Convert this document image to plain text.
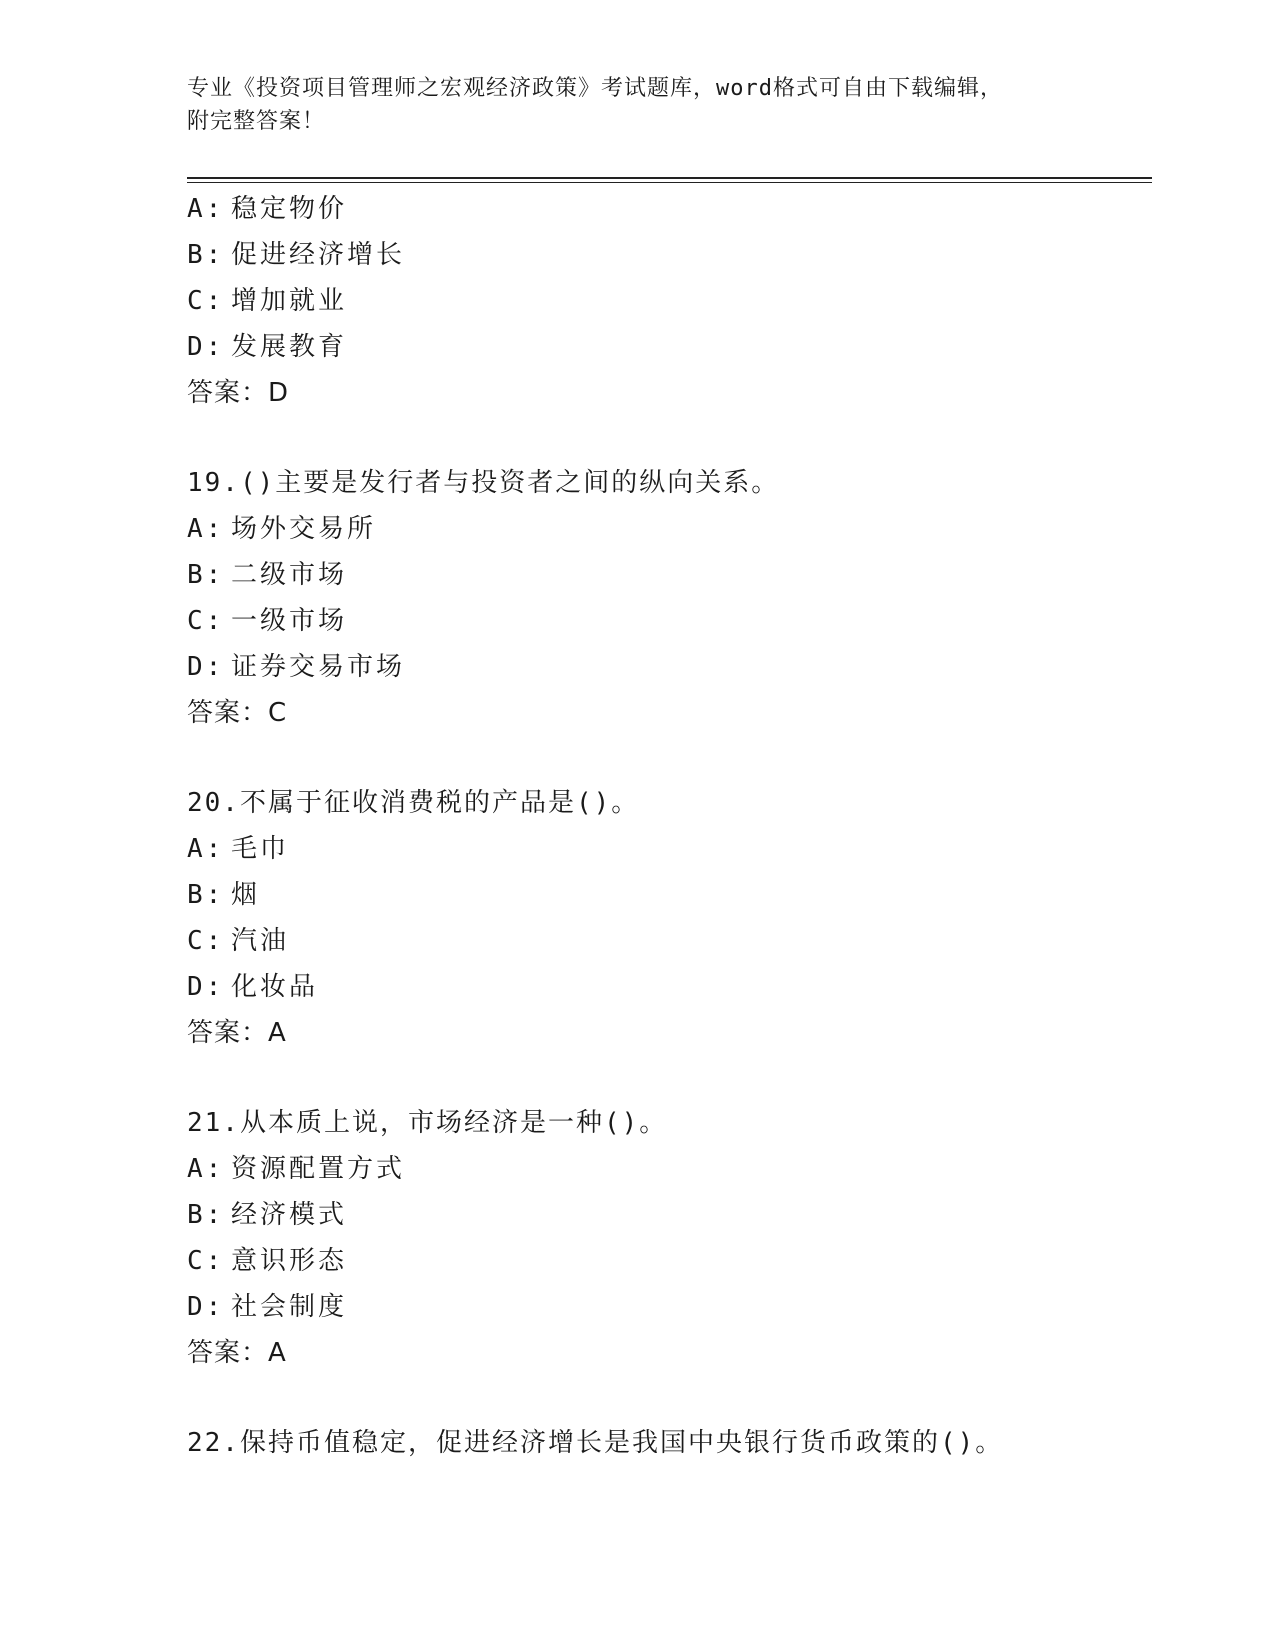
专业《投资项目管理师之宏观经济政策》考试题库，word格式可自由下载编辑，
附完整答案！
A: 稳定物价
B: 促进经济增长
C: 增加就业
D: 发展教育
答案：D
19.()主要是发行者与投资者之间的纵向关系。
A: 场外交易所
B: 二级市场
C: 一级市场
D: 证券交易市场
答案：C
20.不属于征收消费税的产品是()。
A: 毛巾
B: 烟
C: 汽油
D: 化妆品
答案：A
21.从本质上说，市场经济是一种()。
A: 资源配置方式
B: 经济模式
C: 意识形态
D: 社会制度
答案：A
22.保持币值稳定，促进经济增长是我国中央银行货币政策的()。
